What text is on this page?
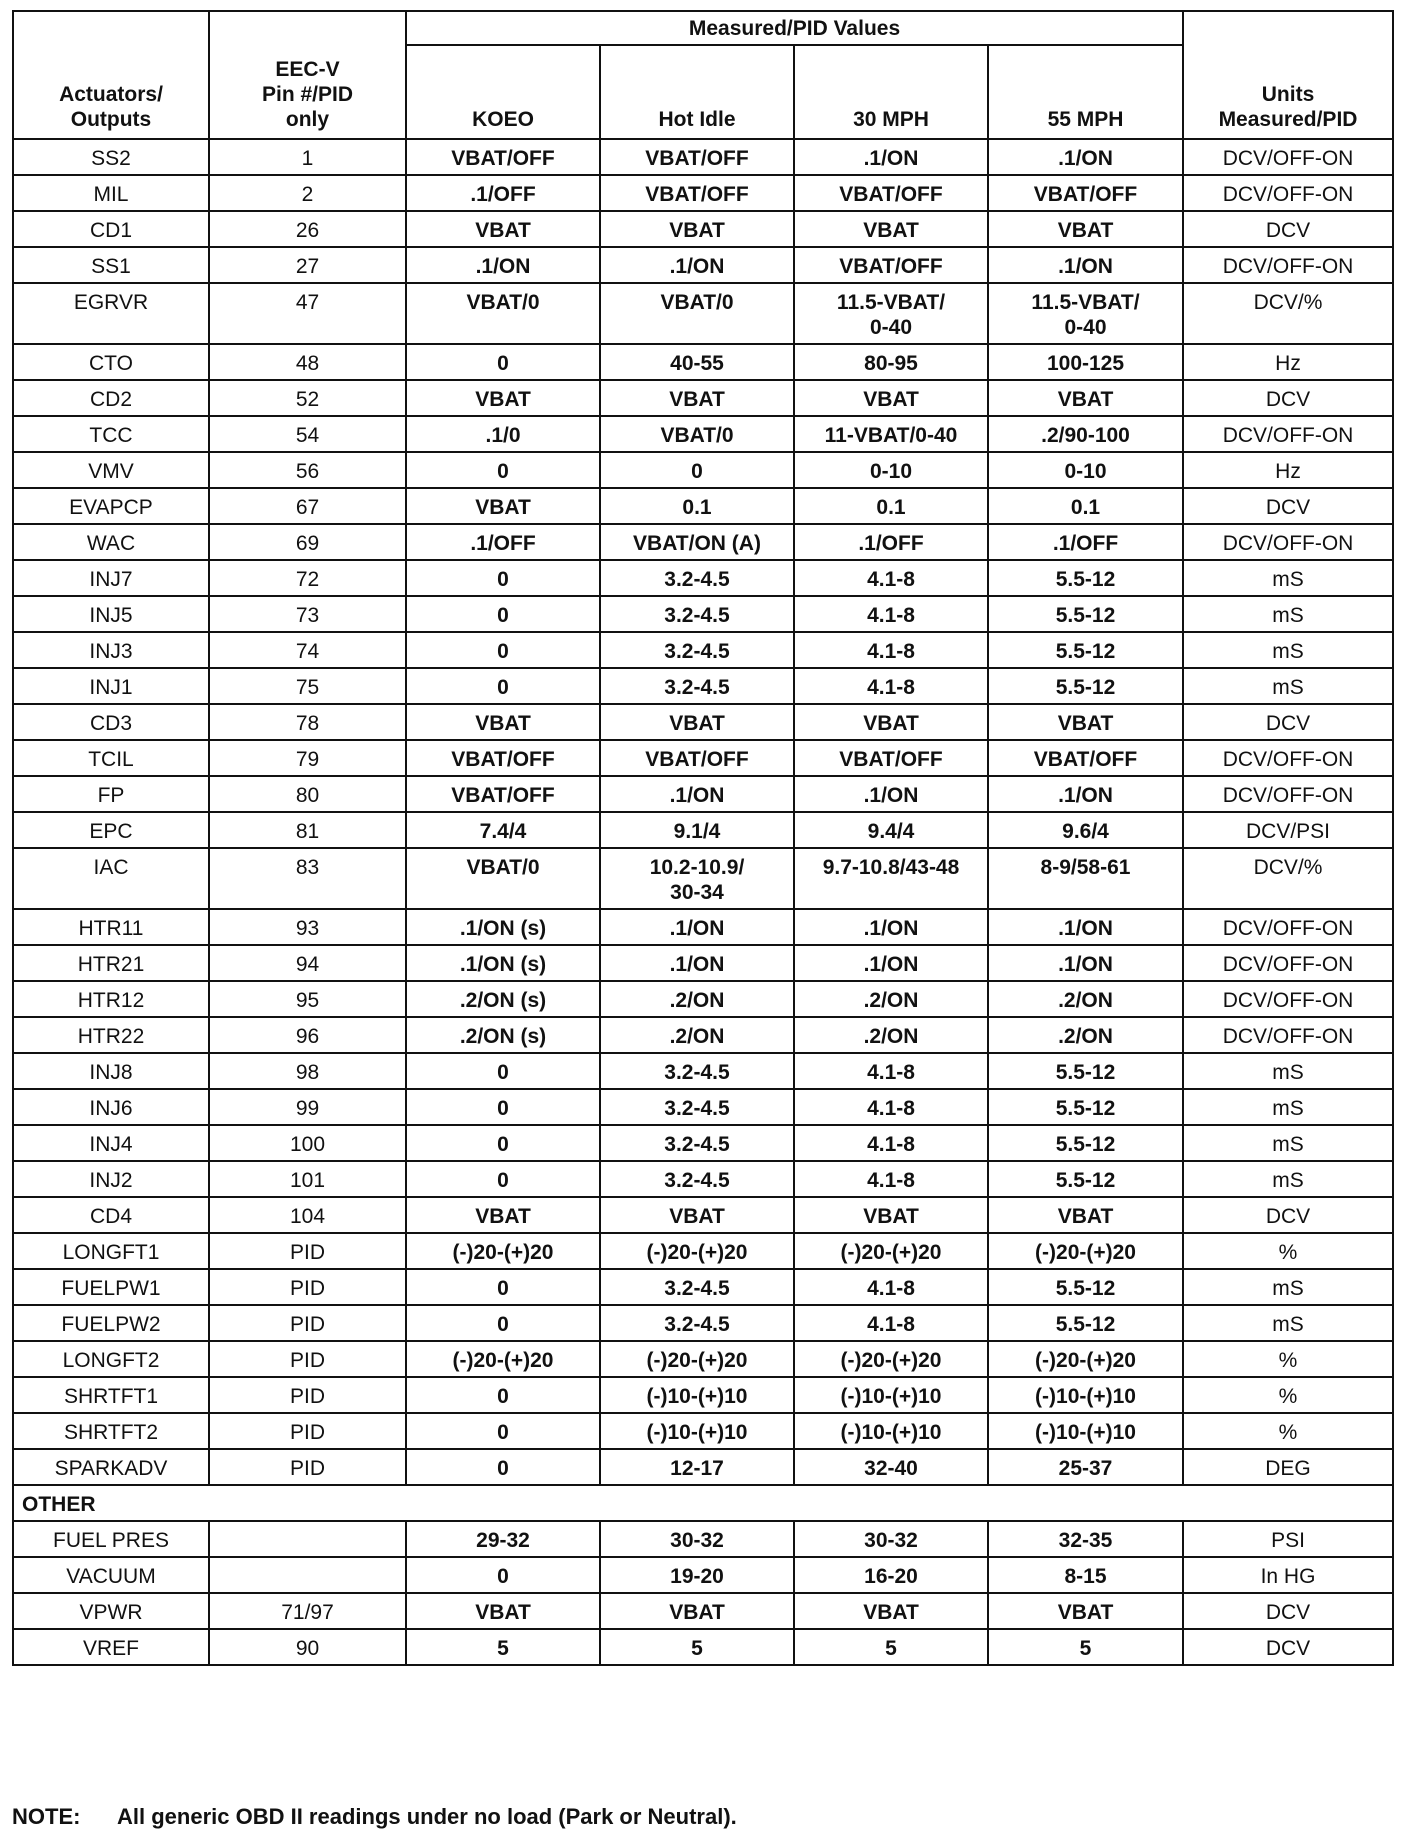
Actuators/
Outputs	EEC-V
Pin #/PID
only	Measured/PID Values				Units
Measured/PID
		KOEO	Hot Idle	30 MPH	55 MPH	
SS2	1	VBAT/OFF	VBAT/OFF	.1/ON	.1/ON	DCV/OFF-ON
MIL	2	.1/OFF	VBAT/OFF	VBAT/OFF	VBAT/OFF	DCV/OFF-ON
CD1	26	VBAT	VBAT	VBAT	VBAT	DCV
SS1	27	.1/ON	.1/ON	VBAT/OFF	.1/ON	DCV/OFF-ON
EGRVR	47	VBAT/0	VBAT/0	11.5-VBAT/
0-40	11.5-VBAT/
0-40	DCV/%
CTO	48	0	40-55	80-95	100-125	Hz
CD2	52	VBAT	VBAT	VBAT	VBAT	DCV
TCC	54	.1/0	VBAT/0	11-VBAT/0-40	.2/90-100	DCV/OFF-ON
VMV	56	0	0	0-10	0-10	Hz
EVAPCP	67	VBAT	0.1	0.1	0.1	DCV
WAC	69	.1/OFF	VBAT/ON (A)	.1/OFF	.1/OFF	DCV/OFF-ON
INJ7	72	0	3.2-4.5	4.1-8	5.5-12	mS
INJ5	73	0	3.2-4.5	4.1-8	5.5-12	mS
INJ3	74	0	3.2-4.5	4.1-8	5.5-12	mS
INJ1	75	0	3.2-4.5	4.1-8	5.5-12	mS
CD3	78	VBAT	VBAT	VBAT	VBAT	DCV
TCIL	79	VBAT/OFF	VBAT/OFF	VBAT/OFF	VBAT/OFF	DCV/OFF-ON
FP	80	VBAT/OFF	.1/ON	.1/ON	.1/ON	DCV/OFF-ON
EPC	81	7.4/4	9.1/4	9.4/4	9.6/4	DCV/PSI
IAC	83	VBAT/0	10.2-10.9/
30-34	9.7-10.8/43-48	8-9/58-61	DCV/%
HTR11	93	.1/ON (s)	.1/ON	.1/ON	.1/ON	DCV/OFF-ON
HTR21	94	.1/ON (s)	.1/ON	.1/ON	.1/ON	DCV/OFF-ON
HTR12	95	.2/ON (s)	.2/ON	.2/ON	.2/ON	DCV/OFF-ON
HTR22	96	.2/ON (s)	.2/ON	.2/ON	.2/ON	DCV/OFF-ON
INJ8	98	0	3.2-4.5	4.1-8	5.5-12	mS
INJ6	99	0	3.2-4.5	4.1-8	5.5-12	mS
INJ4	100	0	3.2-4.5	4.1-8	5.5-12	mS
INJ2	101	0	3.2-4.5	4.1-8	5.5-12	mS
CD4	104	VBAT	VBAT	VBAT	VBAT	DCV
LONGFT1	PID	(-)20-(+)20	(-)20-(+)20	(-)20-(+)20	(-)20-(+)20	%
FUELPW1	PID	0	3.2-4.5	4.1-8	5.5-12	mS
FUELPW2	PID	0	3.2-4.5	4.1-8	5.5-12	mS
LONGFT2	PID	(-)20-(+)20	(-)20-(+)20	(-)20-(+)20	(-)20-(+)20	%
SHRTFT1	PID	0	(-)10-(+)10	(-)10-(+)10	(-)10-(+)10	%
SHRTFT2	PID	0	(-)10-(+)10	(-)10-(+)10	(-)10-(+)10	%
SPARKADV	PID	0	12-17	32-40	25-37	DEG
OTHER						
FUEL PRES		29-32	30-32	30-32	32-35	PSI
VACUUM		0	19-20	16-20	8-15	In HG
VPWR	71/97	VBAT	VBAT	VBAT	VBAT	DCV
VREF	90	5	5	5	5	DCV
NOTE: All generic OBD II readings under no load (Park or Neutral).
